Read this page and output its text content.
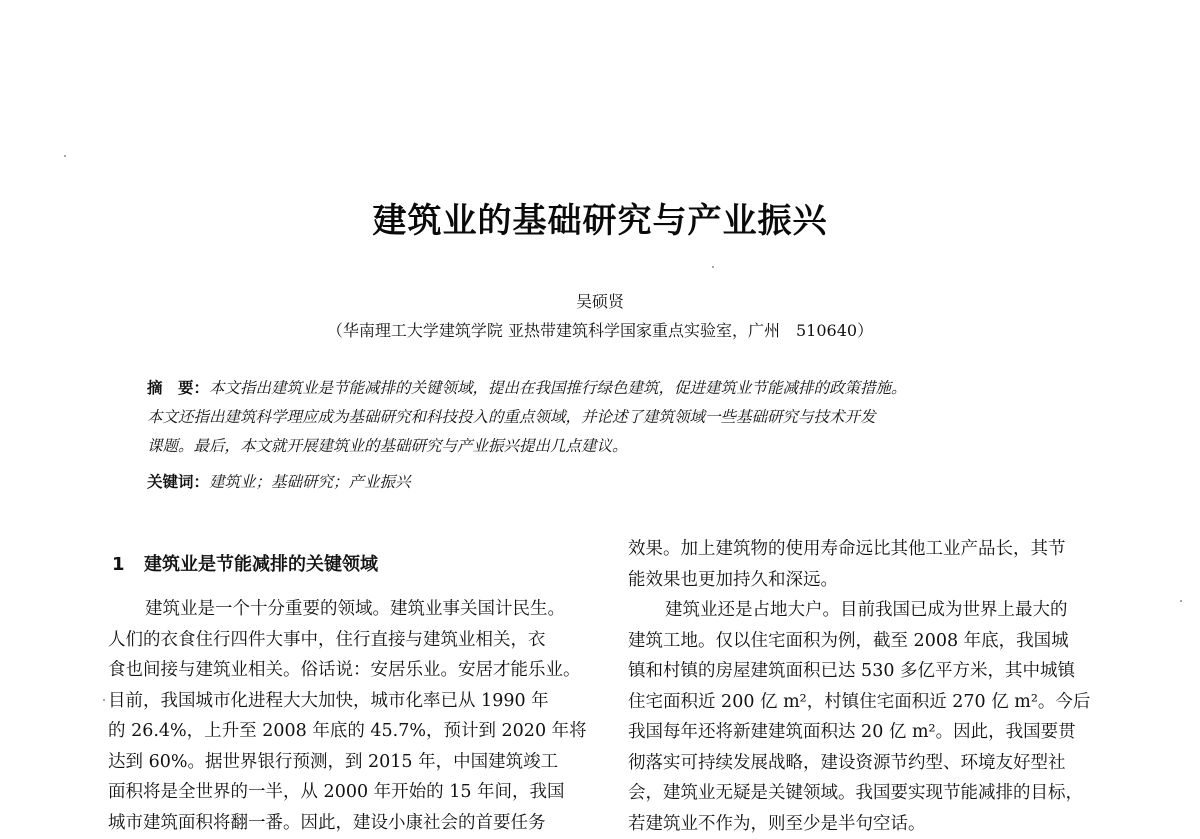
建筑业的基础研究与产业振兴
吴硕贤
（华南理工大学建筑学院 亚热带建筑科学国家重点实验室，广州　510640）
摘　要：本文指出建筑业是节能减排的关键领域，提出在我国推行绿色建筑，促进建筑业节能减排的政策措施。
本文还指出建筑科学理应成为基础研究和科技投入的重点领域，并论述了建筑领域一些基础研究与技术开发
课题。最后，本文就开展建筑业的基础研究与产业振兴提出几点建议。
关键词：建筑业；基础研究；产业振兴
1 建筑业是节能减排的关键领域
建筑业是一个十分重要的领域。建筑业事关国计民生。
人们的衣食住行四件大事中，住行直接与建筑业相关，衣
食也间接与建筑业相关。俗话说：安居乐业。安居才能乐业。
目前，我国城市化进程大大加快，城市化率已从 1990 年
的 26.4%，上升至 2008 年底的 45.7%，预计到 2020 年将
达到 60%。据世界银行预测，到 2015 年，中国建筑竣工
面积将是全世界的一半，从 2000 年开始的 15 年间，我国
城市建筑面积将翻一番。因此，建设小康社会的首要任务
效果。加上建筑物的使用寿命远比其他工业产品长，其节
能效果也更加持久和深远。
建筑业还是占地大户。目前我国已成为世界上最大的
建筑工地。仅以住宅面积为例，截至 2008 年底，我国城
镇和村镇的房屋建筑面积已达 530 多亿平方米，其中城镇
住宅面积近 200 亿 m²，村镇住宅面积近 270 亿 m²。今后
我国每年还将新建建筑面积达 20 亿 m²。因此，我国要贯
彻落实可持续发展战略，建设资源节约型、环境友好型社
会，建筑业无疑是关键领域。我国要实现节能减排的目标，
若建筑业不作为，则至少是半句空话。
